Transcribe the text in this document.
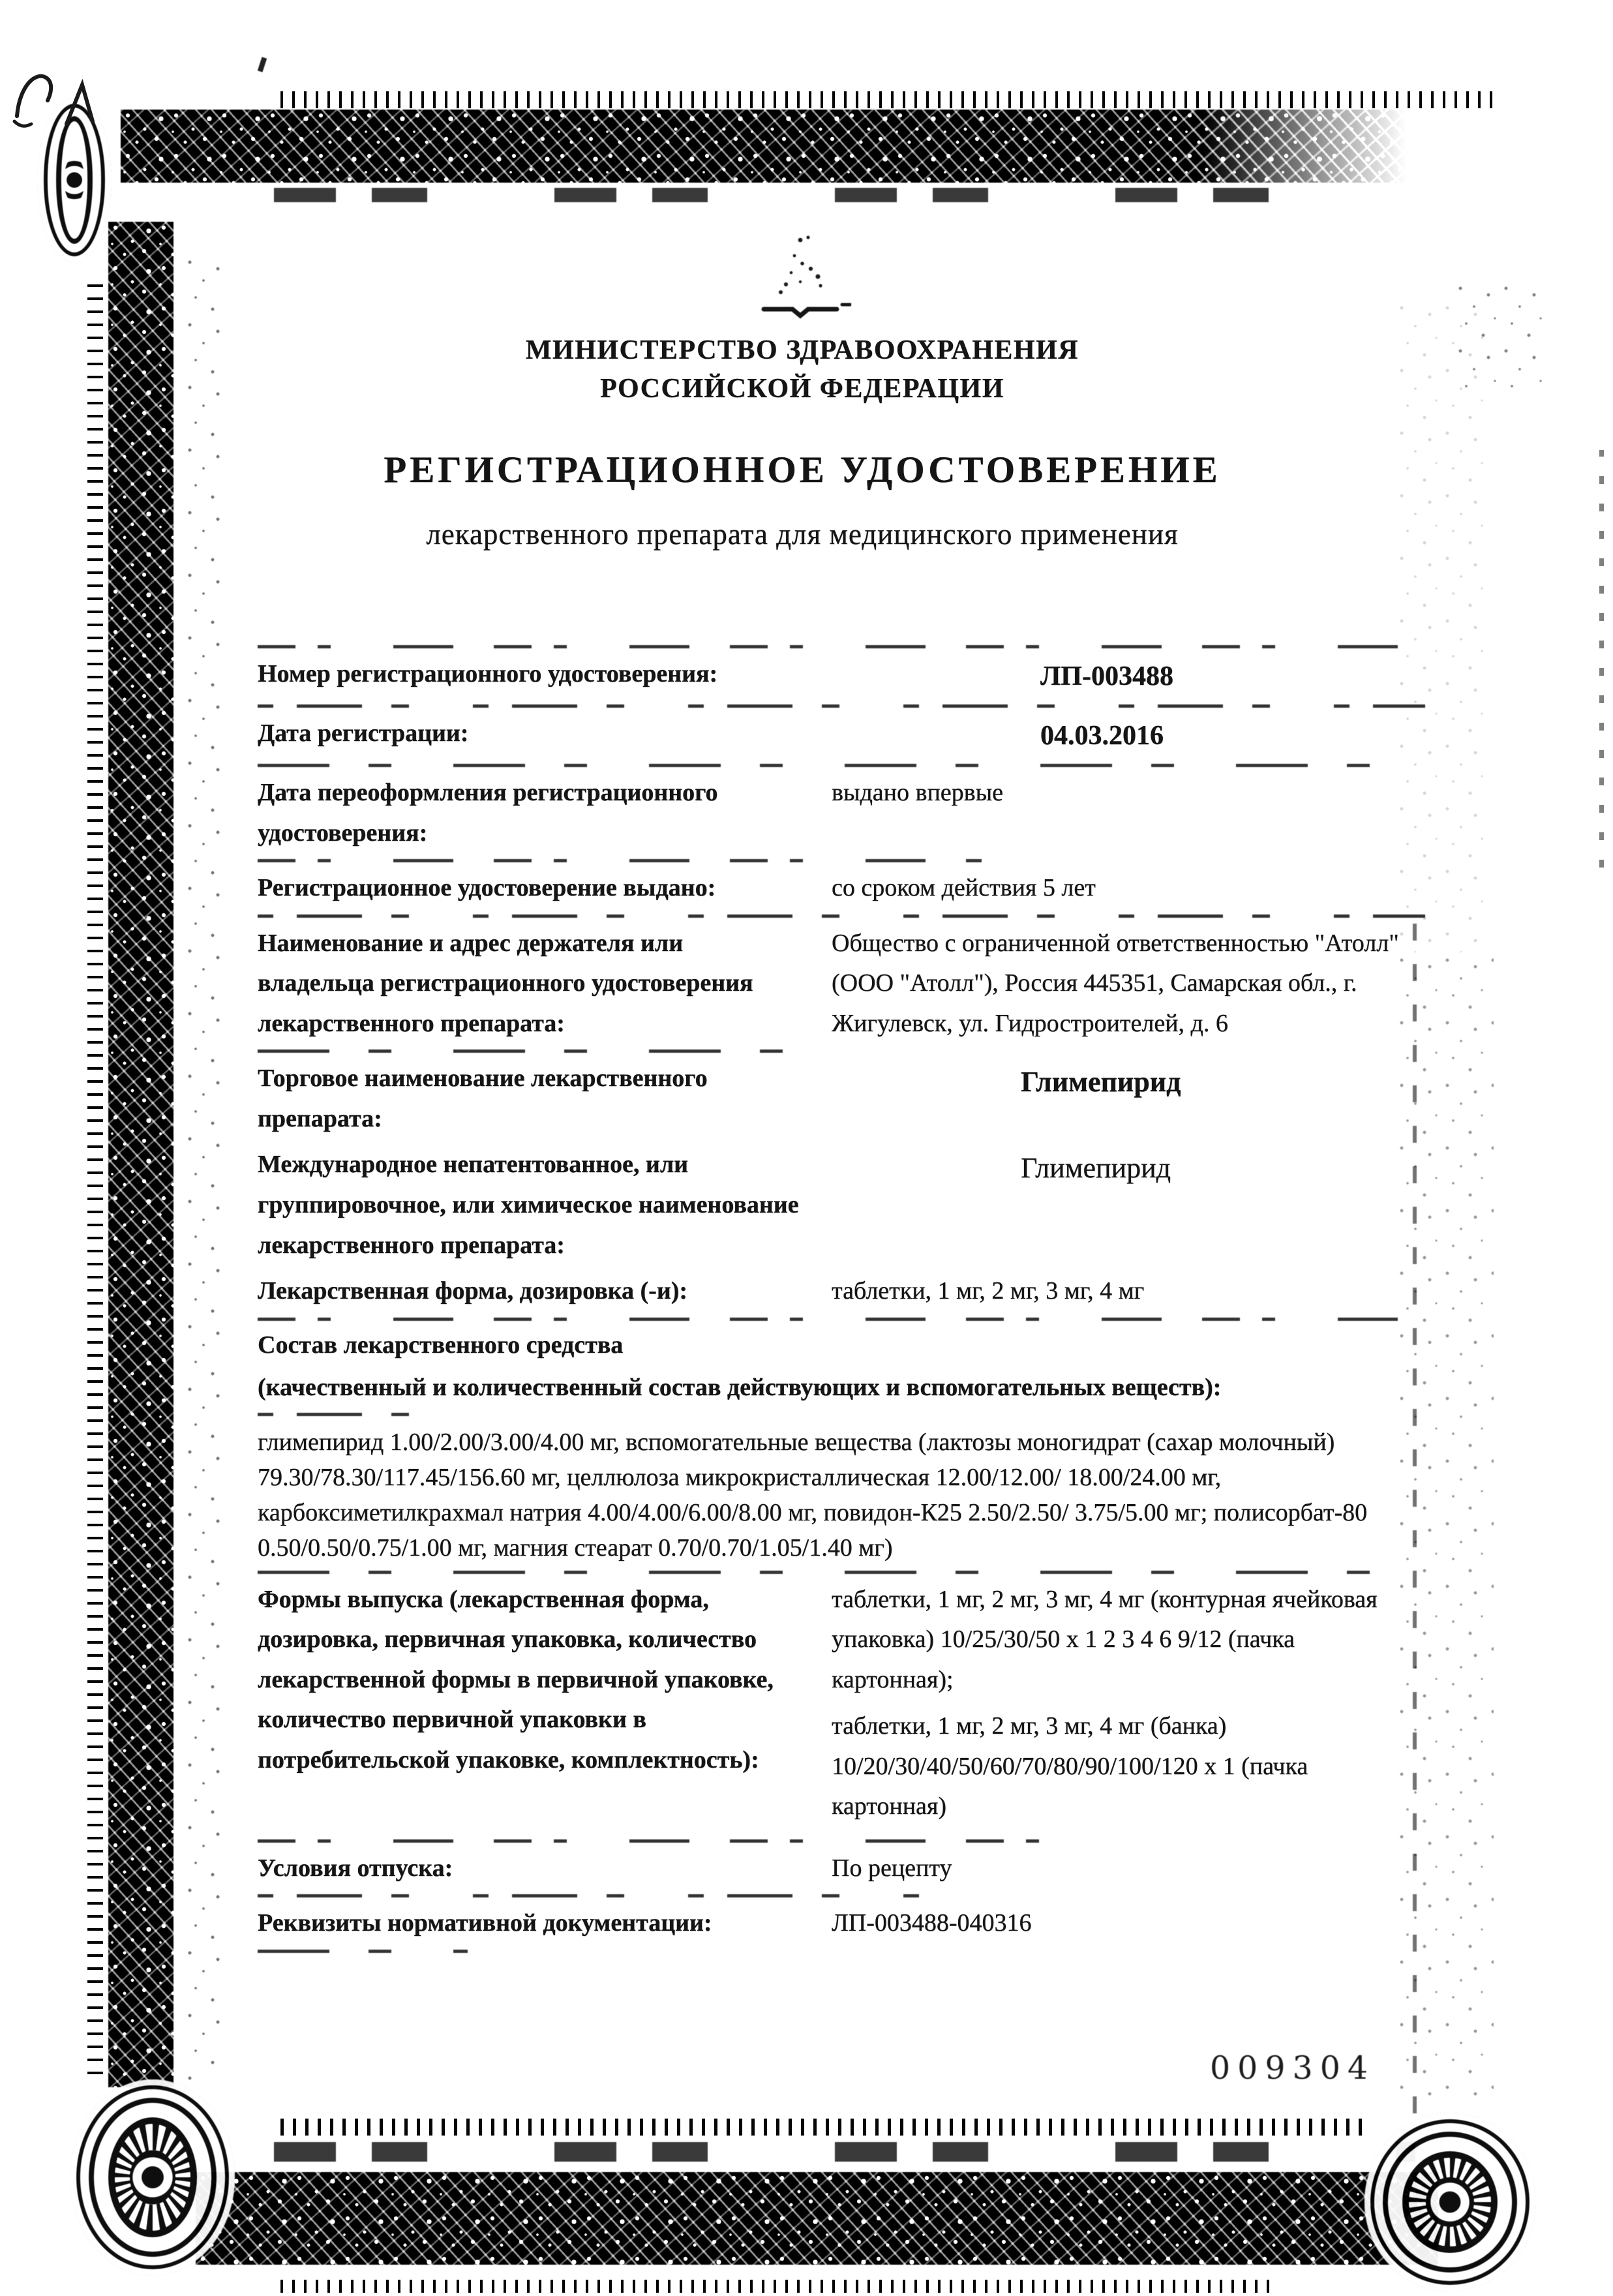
МИНИСТЕРСТВО ЗДРАВООХРАНЕНИЯ
РОССИЙСКОЙ ФЕДЕРАЦИИ
РЕГИСТРАЦИОННОЕ УДОСТОВЕРЕНИЕ
лекарственного препарата для медицинского применения
Номер регистрационного удостоверения:	ЛП-003488
Дата регистрации:	04.03.2016
Дата переоформления регистрационного удостоверения:
выдано впервые
Регистрационное удостоверение выдано:	со сроком действия 5 лет
Наименование и адрес держателя или владельца регистрационного удостоверения лекарственного препарата:
Общество с ограниченной ответственностью "Атолл" (ООО "Атолл"), Россия 445351, Самарская обл., г. Жигулевск, ул. Гидростроителей, д. 6
Торговое наименование лекарственного препарата:
Глимепирид
Международное непатентованное, или группировочное, или химическое наименование лекарственного препарата:
Глимепирид
Лекарственная форма, дозировка (-и):	таблетки, 1 мг, 2 мг, 3 мг, 4 мг
Состав лекарственного средства
(качественный и количественный состав действующих и вспомогательных веществ):
глимепирид 1.00/2.00/3.00/4.00 мг, вспомогательные вещества (лактозы моногидрат (сахар молочный) 79.30/78.30/117.45/156.60 мг, целлюлоза микрокристаллическая 12.00/12.00/ 18.00/24.00 мг, карбоксиметилкрахмал натрия 4.00/4.00/6.00/8.00 мг, повидон-К25 2.50/2.50/ 3.75/5.00 мг; полисорбат-80 0.50/0.50/0.75/1.00 мг, магния стеарат 0.70/0.70/1.05/1.40 мг)
Формы выпуска (лекарственная форма, дозировка, первичная упаковка, количество лекарственной формы в первичной упаковке, количество первичной упаковки в потребительской упаковке, комплектность):

таблетки, 1 мг, 2 мг, 3 мг, 4 мг (контурная ячейковая упаковка) 10/25/30/50 х 1 2 3 4 6 9/12 (пачка картонная);

таблетки, 1 мг, 2 мг, 3 мг, 4 мг (банка) 10/20/30/40/50/60/70/80/90/100/120 х 1 (пачка картонная)

Условия отпуска:	По рецепту
Реквизиты нормативной документации:	ЛП-003488-040316
009304
